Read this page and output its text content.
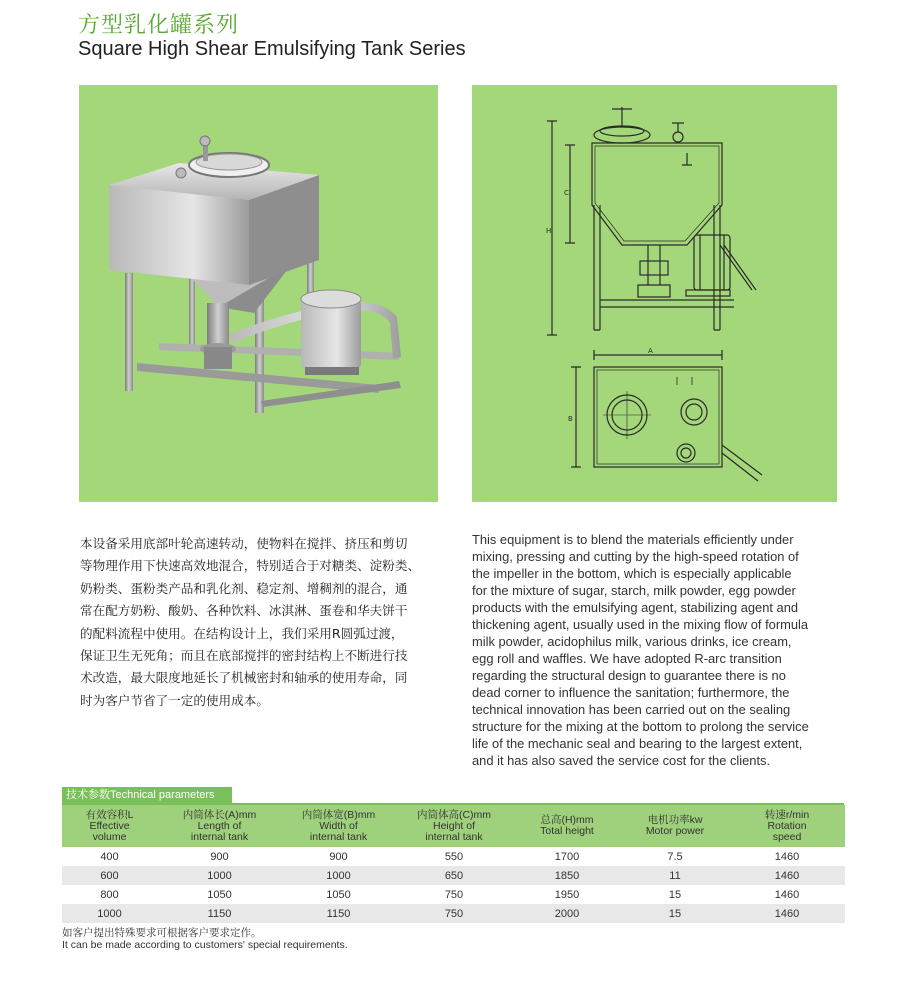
方型乳化罐系列
Square High Shear Emulsifying Tank Series
H
C
A
B
本设备采用底部叶轮高速转动，使物料在搅拌、挤压和剪切
等物理作用下快速高效地混合，特别适合于对糖类、淀粉类、
奶粉类、蛋粉类产品和乳化剂、稳定剂、增稠剂的混合，通
常在配方奶粉、酸奶、各种饮料、冰淇淋、蛋卷和华夫饼干
的配料流程中使用。在结构设计上，我们采用R圆弧过渡，
保证卫生无死角；而且在底部搅拌的密封结构上不断进行技
术改造，最大限度地延长了机械密封和轴承的使用寿命，同
时为客户节省了一定的使用成本。
This equipment is to blend the materials efficiently under
mixing, pressing and cutting by the high-speed rotation of
the impeller in the bottom, which is especially applicable
for the mixture of sugar, starch, milk powder, egg powder
products with the emulsifying agent, stabilizing agent and
thickening agent, usually used in the mixing flow of formula
milk powder, acidophilus milk, various drinks, ice cream,
egg roll and waffles. We have adopted R-arc transition
regarding the structural design to guarantee there is no
dead corner to influence the sanitation; furthermore, the
technical innovation has been carried out on the sealing
structure for the mixing at the bottom to prolong the service
life of the mechanic seal and bearing to the largest extent,
and it has also saved the service cost for the clients.
技术参数Technical parameters
有效容积L
Effective
volume	内筒体长(A)mm
Length of
internal tank	内筒体宽(B)mm
Width of
internal tank	内筒体高(C)mm
Height of
internal tank	总高(H)mm
Total height	电机功率kw
Motor power	转速r/min
Rotation
speed

400	900	900	550	1700	7.5	1460
600	1000	1000	650	1850	11	1460
800	1050	1050	750	1950	15	1460
1000	1150	1150	750	2000	15	1460
如客户提出特殊要求可根据客户要求定作。
It can be made according to customers' special requirements.
